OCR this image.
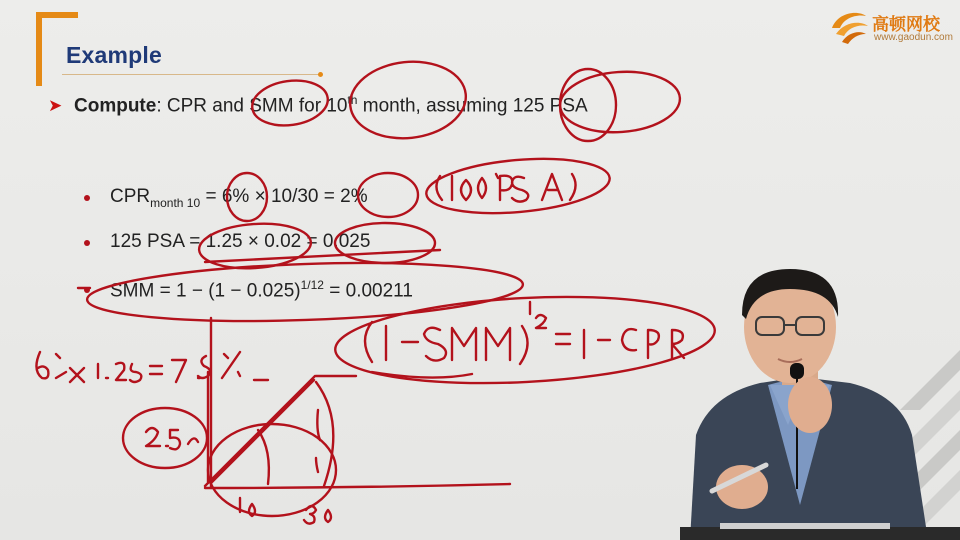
Example
高顿网校
www.gaodun.com
➤ Compute: CPR and SMM for 10th month, assuming 125 PSA
$CPR_{month 10} = 6\% \times 10/30 = 2\%$
125 PSA = 1.25 × 0.02 = 0.025
SMM = $1 - (1 - 0.025)^{1/12} = 0.00211$
